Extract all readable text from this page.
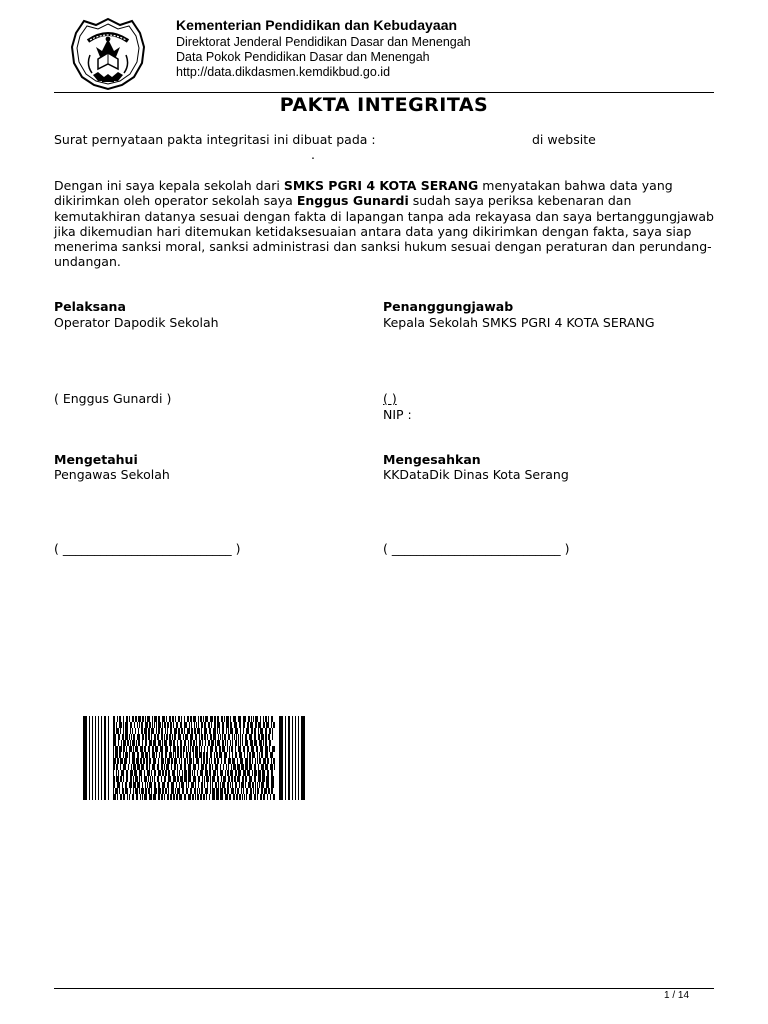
Kementerian Pendidikan dan Kebudayaan
Direktorat Jenderal Pendidikan Dasar dan Menengah
Data Pokok Pendidikan Dasar dan Menengah
http://data.dikdasmen.kemdikbud.go.id
PAKTA INTEGRITAS
Surat pernyataan pakta integritasi ini dibuat pada :	di website
.
Dengan ini saya kepala sekolah dari SMKS PGRI 4 KOTA SERANG menyatakan bahwa data yang dikirimkan oleh operator sekolah saya Enggus Gunardi sudah saya periksa kebenaran dan kemutakhiran datanya sesuai dengan fakta di lapangan tanpa ada rekayasa dan saya bertanggungjawab jika dikemudian hari ditemukan ketidaksesuaian antara data yang dikirimkan dengan fakta, saya siap menerima sanksi moral, sanksi administrasi dan sanksi hukum sesuai dengan peraturan dan perundang-undangan.
Pelaksana
Operator Dapodik Sekolah
( Enggus Gunardi )
Penanggungjawab
Kepala Sekolah SMKS PGRI 4 KOTA SERANG
( )
NIP :
Mengetahui
Pengawas Sekolah
( ___________________________ )
Mengesahkan
KKDataDik Dinas Kota Serang
( ___________________________ )
1 / 14
